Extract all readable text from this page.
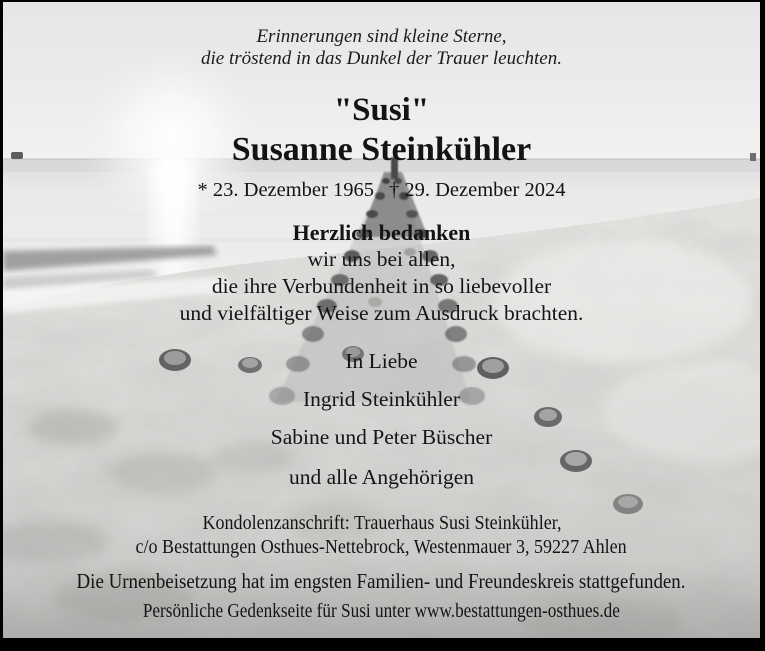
Erinnerungen sind kleine Sterne,
die tröstend in das Dunkel der Trauer leuchten.
"Susi"
Susanne Steinkühler
* 23. Dezember 1965 † 29. Dezember 2024
Herzlich bedanken
wir uns bei allen,
die ihre Verbundenheit in so liebevoller
und vielfältiger Weise zum Ausdruck brachten.
In Liebe
Ingrid Steinkühler
Sabine und Peter Büscher
und alle Angehörigen
Kondolenzanschrift: Trauerhaus Susi Steinkühler,
c/o Bestattungen Osthues-Nettebrock, Westenmauer 3, 59227 Ahlen
Die Urnenbeisetzung hat im engsten Familien- und Freundeskreis stattgefunden.
Persönliche Gedenkseite für Susi unter www.bestattungen-osthues.de
